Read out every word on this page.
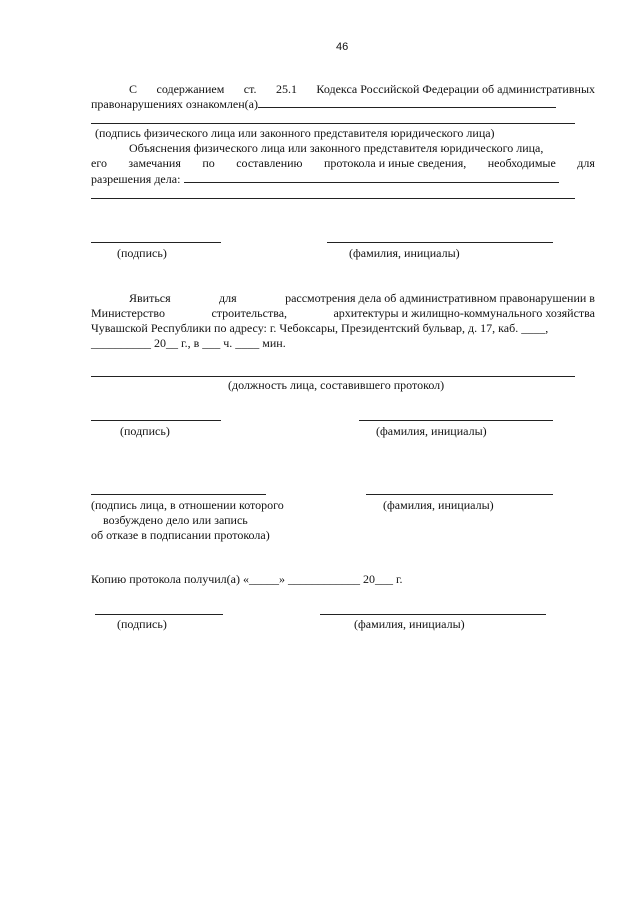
46
С содержанием ст. 25.1 Кодекса Российской Федерации об административных
правонарушениях ознакомлен(а)
(подпись физического лица или законного представителя юридического лица)
Объяснения физического лица или законного представителя юридического лица,
его замечания по составлению протокола и иные сведения, необходимые для
разрешения дела:
(подпись)	(фамилия, инициалы)
Явиться	для	рассмотрения дела об административном правонарушении в
Министерство	строительства,	архитектуры и жилищно-коммунального хозяйства
Чувашской Республики по адресу: г. Чебоксары, Президентский бульвар, д. 17, каб. ____,
__________ 20__ г., в ___ ч. ____ мин.
(должность лица, составившего протокол)
(подпись)	(фамилия, инициалы)
(подпись лица, в отношении которого
возбуждено дело или запись
об отказе в подписании протокола)
(фамилия, инициалы)
Копию протокола получил(а) «_____» ____________ 20___ г.
(подпись)	(фамилия, инициалы)
